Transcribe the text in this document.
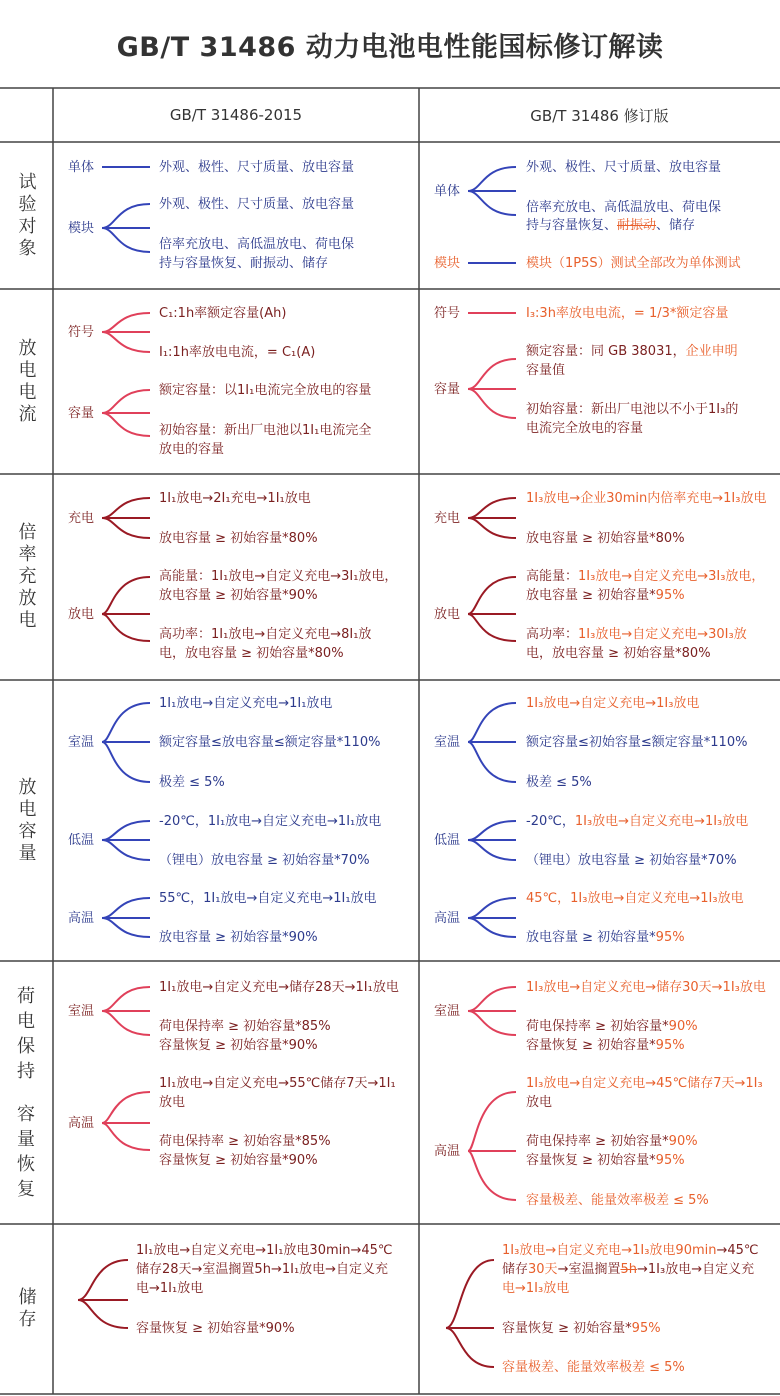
GB/T 31486 动力电池电性能国标修订解读
GB/T 31486-2015	GB/T 31486 修订版
试验对象
放电电流
倍率充放电
放电容量
荷
电
保
持
容
量
恢
复
储存
单体
模块
外观、极性、尺寸质量、放电容量
外观、极性、尺寸质量、放电容量
倍率充放电、高低温放电、荷电保
持与容量恢复、耐振动、储存
单体
模块
外观、极性、尺寸质量、放电容量
倍率充放电、高低温放电、荷电保
持与容量恢复、耐振动、储存
模块（1P5S）测试全部改为单体测试
符号
容量
C₁:1h率额定容量(Ah)
I₁:1h率放电电流，= C₁(A)
额定容量：以1I₁电流完全放电的容量
初始容量：新出厂电池以1I₁电流完全
放电的容量
符号
容量
I₃:3h率放电电流，= 1/3*额定容量
额定容量：同 GB 38031，企业申明
容量值
初始容量：新出厂电池以不小于1I₃的
电流完全放电的容量
充电
放电
1I₁放电→2I₁充电→1I₁放电
放电容量 ≥ 初始容量*80%
高能量：1I₁放电→自定义充电→3I₁放电，
放电容量 ≥ 初始容量*90%
高功率：1I₁放电→自定义充电→8I₁放
电，放电容量 ≥ 初始容量*80%
充电
放电
1I₃放电→企业30min内倍率充电→1I₃放电
放电容量 ≥ 初始容量*80%
高能量：1I₃放电→自定义充电→3I₃放电，
放电容量 ≥ 初始容量*95%
高功率：1I₃放电→自定义充电→30I₃放
电，放电容量 ≥ 初始容量*80%
室温
低温
高温
1I₁放电→自定义充电→1I₁放电
额定容量≤放电容量≤额定容量*110%
极差 ≤ 5%
-20℃，1I₁放电→自定义充电→1I₁放电
（锂电）放电容量 ≥ 初始容量*70%
55℃，1I₁放电→自定义充电→1I₁放电
放电容量 ≥ 初始容量*90%
室温
低温
高温
1I₃放电→自定义充电→1I₃放电
额定容量≤初始容量≤额定容量*110%
极差 ≤ 5%
-20℃，1I₃放电→自定义充电→1I₃放电
（锂电）放电容量 ≥ 初始容量*70%
45℃，1I₃放电→自定义充电→1I₃放电
放电容量 ≥ 初始容量*95%
室温
高温
1I₁放电→自定义充电→储存28天→1I₁放电
荷电保持率 ≥ 初始容量*85%
容量恢复 ≥ 初始容量*90%
1I₁放电→自定义充电→55℃储存7天→1I₁
放电
荷电保持率 ≥ 初始容量*85%
容量恢复 ≥ 初始容量*90%
室温
高温
1I₃放电→自定义充电→储存30天→1I₃放电
荷电保持率 ≥ 初始容量*90%
容量恢复 ≥ 初始容量*95%
1I₃放电→自定义充电→45℃储存7天→1I₃
放电
荷电保持率 ≥ 初始容量*90%
容量恢复 ≥ 初始容量*95%
容量极差、能量效率极差 ≤ 5%
1I₁放电→自定义充电→1I₁放电30min→45℃
储存28天→室温搁置5h→1I₁放电→自定义充
电→1I₁放电
容量恢复 ≥ 初始容量*90%
1I₃放电→自定义充电→1I₃放电90min→45℃
储存30天→室温搁置5h→1I₃放电→自定义充
电→1I₃放电
容量恢复 ≥ 初始容量*95%
容量极差、能量效率极差 ≤ 5%
